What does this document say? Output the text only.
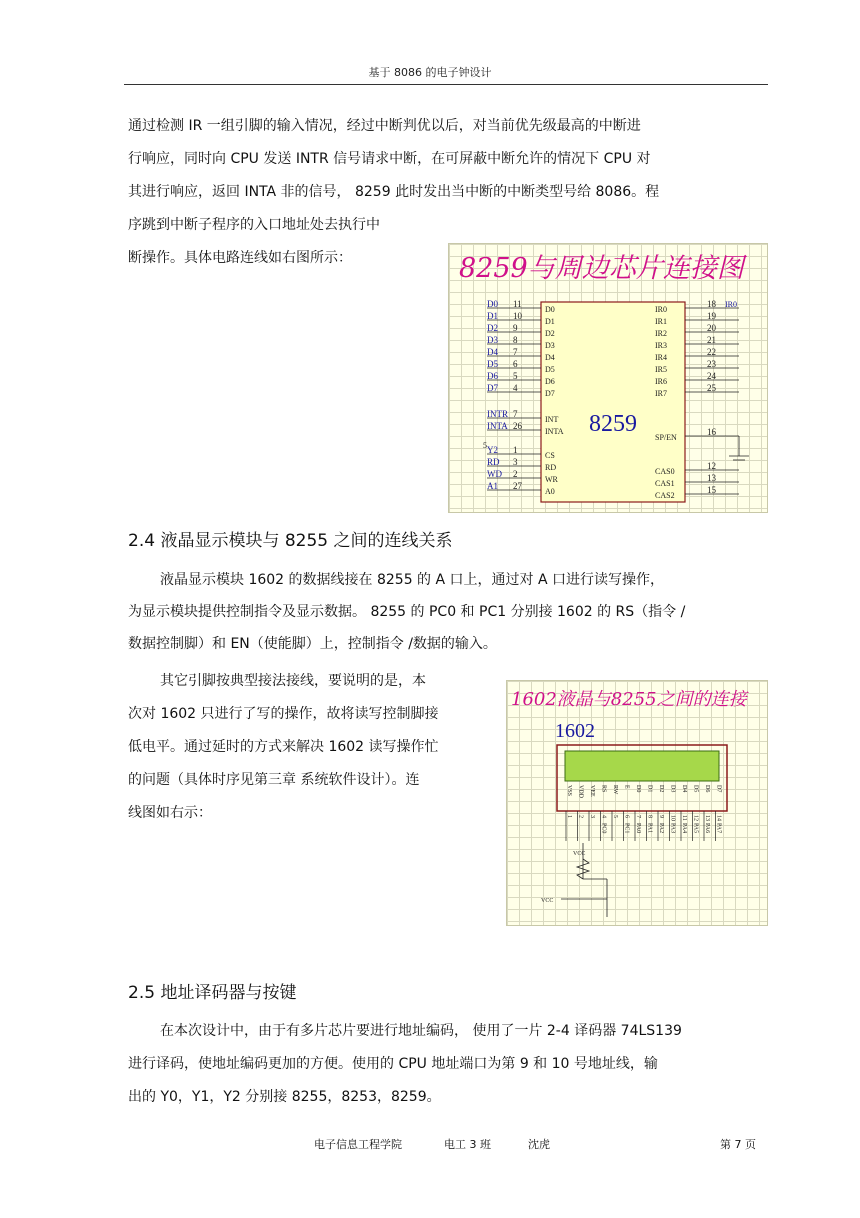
基于 8086 的电子钟设计
通过检测 IR 一组引脚的输入情况，经过中断判优以后，对当前优先级最高的中断进
行响应，同时向 CPU 发送 INTR 信号请求中断，在可屏蔽中断允许的情况下 CPU 对
其进行响应，返回 INTA 非的信号， 8259 此时发出当中断的中断类型号给 8086。程
序跳到中断子程序的入口地址处去执行中
断操作。具体电路连线如右图所示：	8259与周边芯片连接图
D0 11
D0
D1 10
D1
D2 9
D2
D3 8
D3
D4 7
D4
D5 6
D5
D6 5
D6
D7 4
D7
INTR 7
INT
INTA 26
INTA
Y2 1
CS
RD 3
RD
WD 2
WR
A1 27
A0
5
18
IR0
19
IR1
20
IR2
21
IR3
22
IR4
23
IR5
24
IR6
25
IR7
16
SP/EN
12
CAS0
13
CAS1
15
CAS2
IR0
8259
2.4 液晶显示模块与 8255 之间的连线关系
液晶显示模块 1602 的数据线接在 8255 的 A 口上，通过对 A 口进行读写操作，
为显示模块提供控制指令及显示数据。 8255 的 PC0 和 PC1 分别接 1602 的 RS（指令 /
数据控制脚）和 EN（使能脚）上，控制指令 /数据的输入。
其它引脚按典型接法接线，要说明的是，本
次对 1602 只进行了写的操作，故将读写控制脚接
低电平。通过延时的方式来解决 1602 读写操作忙
的问题（具体时序见第三章 系统软件设计）。连
线图如右示：
1602液晶与8255之间的连接
1602
VSS
1
VDD
2
VEE
3
RS
4
PC0
RW
5
E
6
PC1
D0
7
PA0
D1
8
PA1
D2
9
PA2
D3
10
PA3
D4
11
PA4
D5
12
PA5
D6
13
PA6
D7
14
PA7
VCC
VCC
2.5 地址译码器与按键
在本次设计中，由于有多片芯片要进行地址编码， 使用了一片 2-4 译码器 74LS139
进行译码，使地址编码更加的方便。使用的 CPU 地址端口为第 9 和 10 号地址线，输
出的 Y0，Y1，Y2 分别接 8255，8253，8259。
电子信息工程学院	电工 3 班	沈虎	第 7 页
